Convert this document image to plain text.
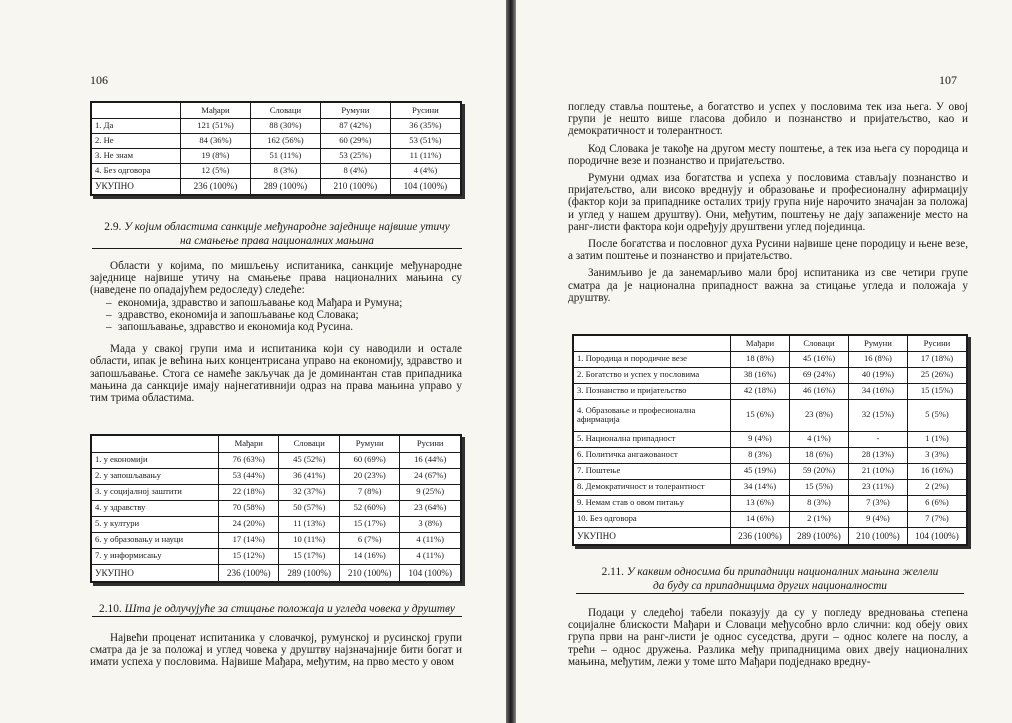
106
	Мађари	Словаци	Румуни	Русини
1. Да	121 (51%)	88 (30%)	87 (42%)	36 (35%)
2. Не	84 (36%)	162 (56%)	60 (29%)	53 (51%)
3. Не знам	19 (8%)	51 (11%)	53 (25%)	11 (11%)
4. Без одговора	12 (5%)	8 (3%)	8 (4%)	4 (4%)
УКУПНО	236 (100%)	289 (100%)	210 (100%)	104 (100%)
2.9. У којим областима санкције међународне заједнице највише утичу
на смањење права националних мањина

Области у којима, по мишљењу испитаника, санкције међународне заједнице највише утичу на смањење права националних мањина су (наведене по опадајућем редоследу) следеће:

– економија, здравство и запошљавање код Мађара и Румуна;
– здравство, економија и запошљавање код Словака;
– запошљавање, здравство и економија код Русина.

Мада у свакој групи има и испитаника који су наводили и остале области, ипак је већина њих концентрисана управо на економију, здравство и запошљавање. Стога се намеће закључак да је доминантан став припадника мањина да санкције имају најнегативнији одраз на права мањина управо у тим трима областима.

	Мађари	Словаци	Румуни	Русини
1. у економији	76 (63%)	45 (52%)	60 (69%)	16 (44%)
2. у запошљавању	53 (44%)	36 (41%)	20 (23%)	24 (67%)
3. у социјалној заштити	22 (18%)	32 (37%)	7 (8%)	9 (25%)
4. у здравству	70 (58%)	50 (57%)	52 (60%)	23 (64%)
5. у култури	24 (20%)	11 (13%)	15 (17%)	3 (8%)
6. у образовању и науци	17 (14%)	10 (11%)	6 (7%)	4 (11%)
7. у информисању	15 (12%)	15 (17%)	14 (16%)	4 (11%)
УКУПНО	236 (100%)	289 (100%)	210 (100%)	104 (100%)
2.10. Шта је одлучујуће за стицање положаја и угледа човека у друштву

Највећи проценат испитаника у словачкој, румунској и русинској групи сматра да је за положај и углед човека у друштву најзначајније бити богат и имати успеха у пословима. Највише Мађара, међутим, на прво место у овом

107

погледу ставља поштење, а богатство и успех у пословима тек иза њега. У овој групи је нешто више гласова добило и познанство и пријатељство, као и демократичност и толерантност.

Код Словака је такође на другом месту поштење, а тек иза њега су породица и породичне везе и познанство и пријатељство.

Румуни одмах иза богатства и успеха у пословима стављају познанство и пријатељство, али високо вреднују и образовање и професионалну афирмацију (фактор који за припаднике осталих трију група није нарочито значајан за положај и углед у нашем друштву). Они, међутим, поштењу не дају запаженије место на ранг-листи фактора који одређују друштвени углед појединца.

После богатства и пословног духа Русини највише цене породицу и њене везе, а затим поштење и познанство и пријатељство.

Занимљиво је да занемарљиво мали број испитаника из све четири групе сматра да је национална припадност важна за стицање угледа и положаја у друштву.

	Мађари	Словаци	Румуни	Русини
1. Породица и породичне везе	18 (8%)	45 (16%)	16 (8%)	17 (18%)
2. Богатство и успех у пословима	38 (16%)	69 (24%)	40 (19%)	25 (26%)
3. Познанство и пријатељство	42 (18%)	46 (16%)	34 (16%)	15 (15%)
4. Образовање и професионална
афирмација	15 (6%)	23 (8%)	32 (15%)	5 (5%)
5. Национална припадност	9 (4%)	4 (1%)	-	1 (1%)
6. Политичка ангажованост	8 (3%)	18 (6%)	28 (13%)	3 (3%)
7. Поштење	45 (19%)	59 (20%)	21 (10%)	16 (16%)
8. Демократичност и толерантност	34 (14%)	15 (5%)	23 (11%)	2 (2%)
9. Немам став о овом питању	13 (6%)	8 (3%)	7 (3%)	6 (6%)
10. Без одговора	14 (6%)	2 (1%)	9 (4%)	7 (7%)
УКУПНО	236 (100%)	289 (100%)	210 (100%)	104 (100%)
2.11. У каквим односима би припадници националних мањина желели
да буду са припадницима других националности

Подаци у следећој табели показују да су у погледу вредновања степена социјалне блискости Мађари и Словаци међусобно врло слични: код обеју ових група први на ранг-листи је однос суседства, други – однос колеге на послу, а трећи – однос дружења. Разлика међу припадницима ових двеју националних мањина, међутим, лежи у томе што Мађари подједнако вредну-
